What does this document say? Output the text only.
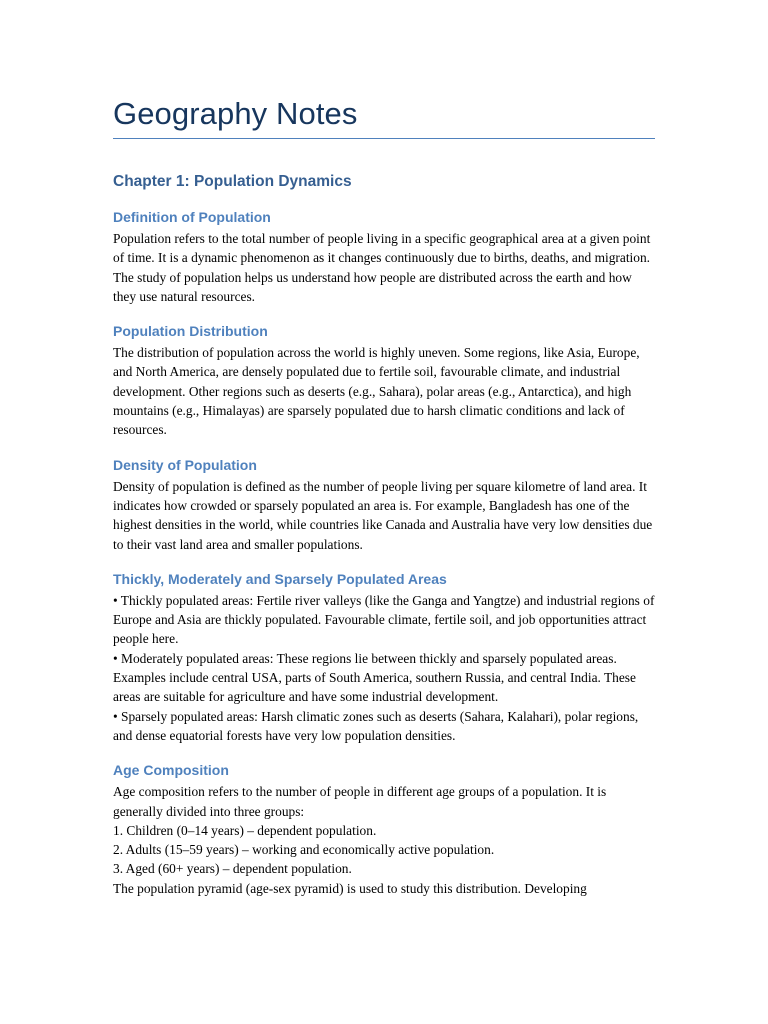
Geography Notes
Chapter 1: Population Dynamics
Definition of Population

Population refers to the total number of people living in a specific geographical area at a given point of time. It is a dynamic phenomenon as it changes continuously due to births, deaths, and migration. The study of population helps us understand how people are distributed across the earth and how they use natural resources.

Population Distribution

The distribution of population across the world is highly uneven. Some regions, like Asia, Europe, and North America, are densely populated due to fertile soil, favourable climate, and industrial development. Other regions such as deserts (e.g., Sahara), polar areas (e.g., Antarctica), and high mountains (e.g., Himalayas) are sparsely populated due to harsh climatic conditions and lack of resources.

Density of Population

Density of population is defined as the number of people living per square kilometre of land area. It indicates how crowded or sparsely populated an area is. For example, Bangladesh has one of the highest densities in the world, while countries like Canada and Australia have very low densities due to their vast land area and smaller populations.

Thickly, Moderately and Sparsely Populated Areas

• Thickly populated areas: Fertile river valleys (like the Ganga and Yangtze) and industrial regions of Europe and Asia are thickly populated. Favourable climate, fertile soil, and job opportunities attract people here.

• Moderately populated areas: These regions lie between thickly and sparsely populated areas. Examples include central USA, parts of South America, southern Russia, and central India. These areas are suitable for agriculture and have some industrial development.

• Sparsely populated areas: Harsh climatic zones such as deserts (Sahara, Kalahari), polar regions, and dense equatorial forests have very low population densities.

Age Composition

Age composition refers to the number of people in different age groups of a population. It is generally divided into three groups:

1. Children (0–14 years) – dependent population.

2. Adults (15–59 years) – working and economically active population.

3. Aged (60+ years) – dependent population.

The population pyramid (age-sex pyramid) is used to study this distribution. Developing
